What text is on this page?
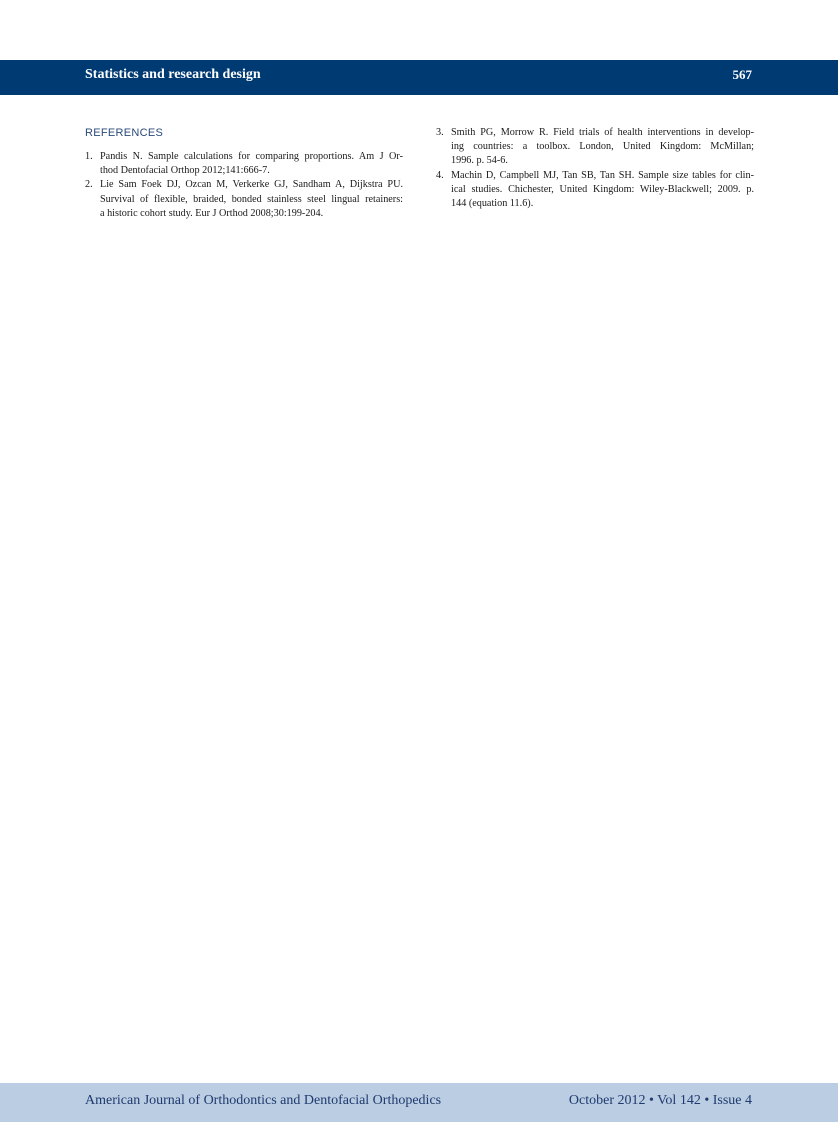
Statistics and research design	567
REFERENCES
1. Pandis N. Sample calculations for comparing proportions. Am J Or-
thod Dentofacial Orthop 2012;141:666-7.
2. Lie Sam Foek DJ, Ozcan M, Verkerke GJ, Sandham A, Dijkstra PU.
Survival of flexible, braided, bonded stainless steel lingual retainers:
a historic cohort study. Eur J Orthod 2008;30:199-204.
3. Smith PG, Morrow R. Field trials of health interventions in develop-
ing countries: a toolbox. London, United Kingdom: McMillan;
1996. p. 54-6.
4. Machin D, Campbell MJ, Tan SB, Tan SH. Sample size tables for clin-
ical studies. Chichester, United Kingdom: Wiley-Blackwell; 2009. p.
144 (equation 11.6).
American Journal of Orthodontics and Dentofacial Orthopedics	October 2012 • Vol 142 • Issue 4
